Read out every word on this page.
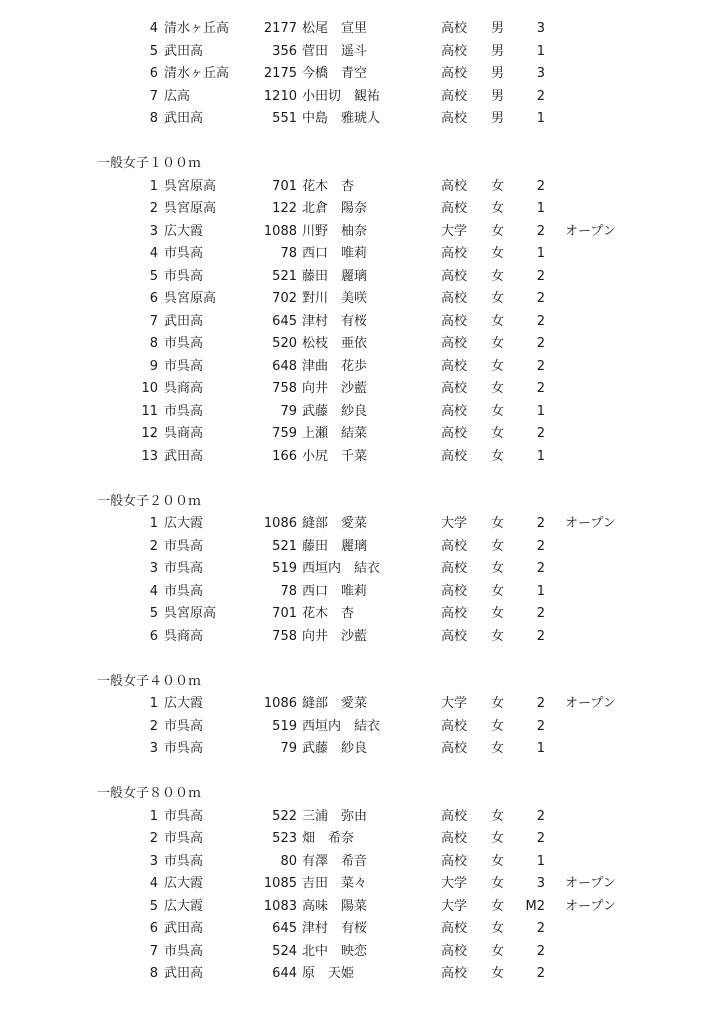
4 清水ヶ丘高	2177 松尾　宣里	高校 男	3
5 武田高	356 菅田　遥斗	高校 男	1
6 清水ヶ丘高	2175 今橋　青空	高校 男	3
7 広高	1210 小田切　観祐	高校 男	2
8 武田高	551 中島　雅琥人	高校 男	1
一般女子１００ｍ
1 呉宮原高	701 花木　杏	高校 女	2
2 呉宮原高	122 北倉　陽奈	高校 女	1
3 広大霞	1088 川野　柚奈	大学 女	2 オープン
4 市呉高	78 西口　唯莉	高校 女	1
5 市呉高	521 藤田　麗璃	高校 女	2
6 呉宮原高	702 對川　美咲	高校 女	2
7 武田高	645 津村　有桜	高校 女	2
8 市呉高	520 松枝　亜依	高校 女	2
9 市呉高	648 津曲　花歩	高校 女	2
10 呉商高	758 向井　沙藍	高校 女	2
11 市呉高	79 武藤　紗良	高校 女	1
12 呉商高	759 上瀬　結菜	高校 女	2
13 武田高	166 小尻　千菜	高校 女	1
一般女子２００ｍ
1 広大霞	1086 縫部　愛菜	大学 女	2 オープン
2 市呉高	521 藤田　麗璃	高校 女	2
3 市呉高	519 西垣内　結衣	高校 女	2
4 市呉高	78 西口　唯莉	高校 女	1
5 呉宮原高	701 花木　杏	高校 女	2
6 呉商高	758 向井　沙藍	高校 女	2
一般女子４００ｍ
1 広大霞	1086 縫部　愛菜	大学 女	2 オープン
2 市呉高	519 西垣内　結衣	高校 女	2
3 市呉高	79 武藤　紗良	高校 女	1
一般女子８００ｍ
1 市呉高	522 三浦　弥由	高校 女	2
2 市呉高	523 畑　希奈	高校 女	2
3 市呉高	80 有澤　希音	高校 女	1
4 広大霞	1085 吉田　菜々	大学 女	3 オープン
5 広大霞	1083 高味　陽菜	大学 女 M2 オープン
6 武田高	645 津村　有桜	高校 女	2
7 市呉高	524 北中　映恋	高校 女	2
8 武田高	644 原　天姫	高校 女	2
